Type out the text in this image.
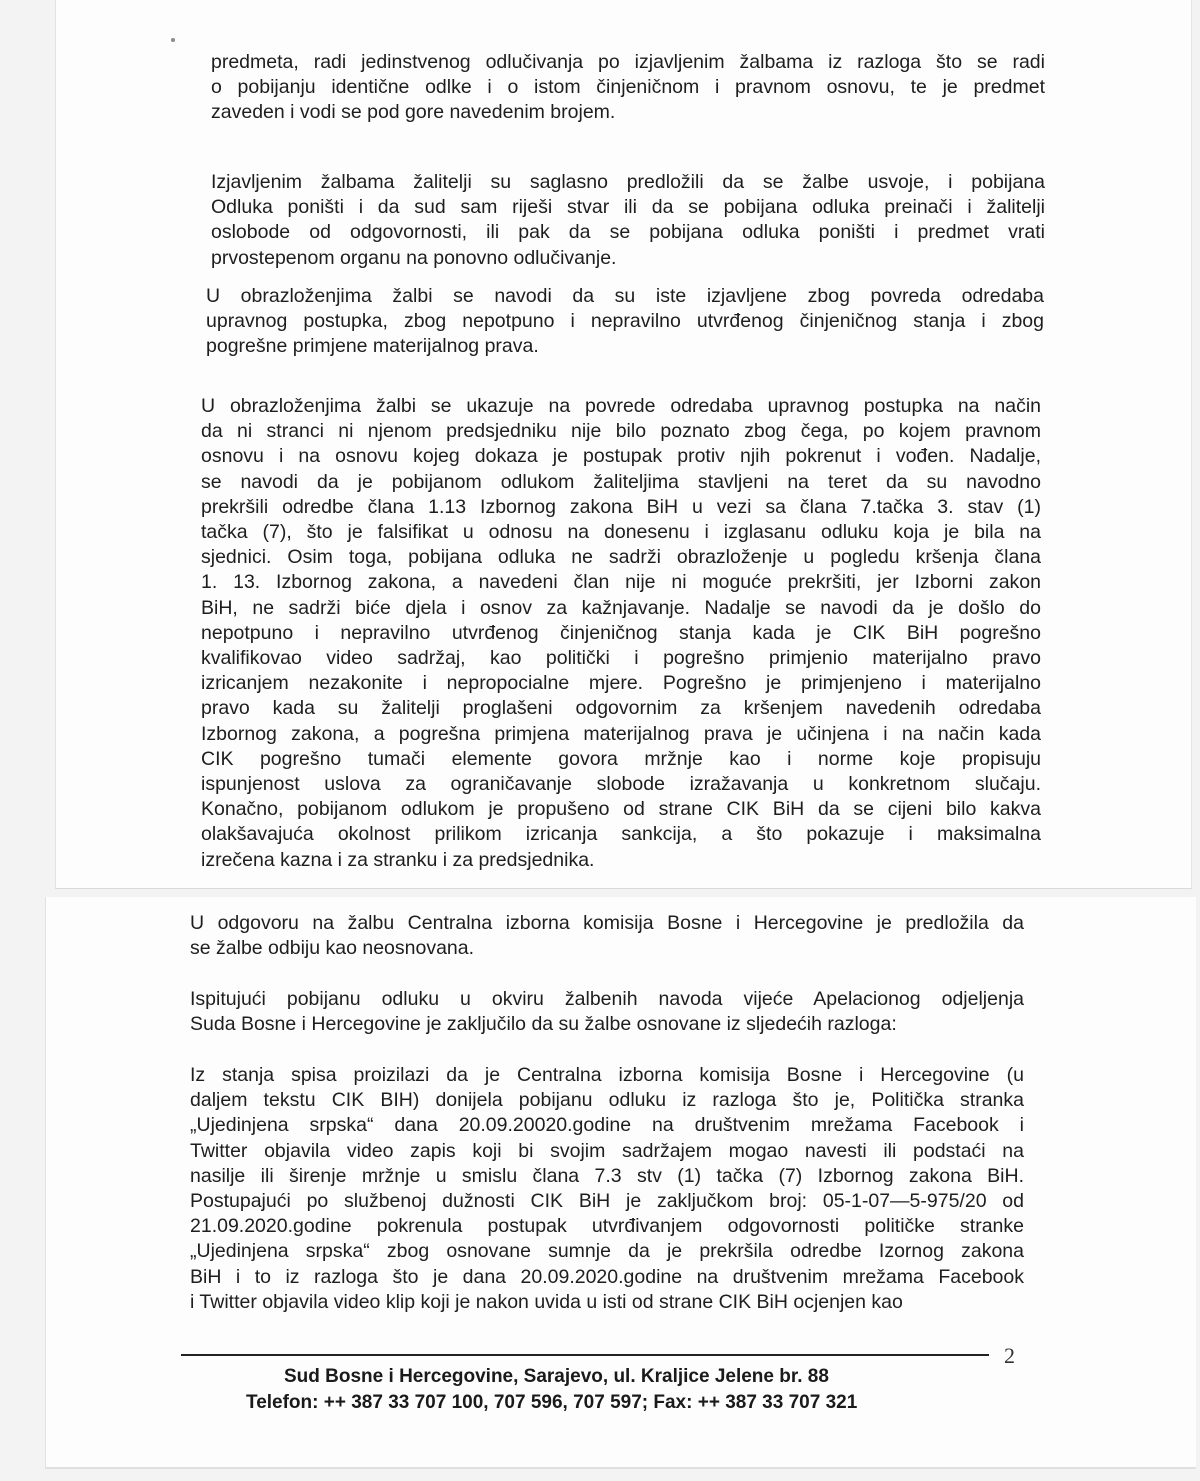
predmeta, radi jedinstvenog odlučivanja po izjavljenim žalbama iz razloga što se radi
o pobijanju identične odlke i o istom činjeničnom i pravnom osnovu, te je predmet
zaveden i vodi se pod gore navedenim brojem.
Izjavljenim žalbama žalitelji su saglasno predložili da se žalbe usvoje, i pobijana
Odluka poništi i da sud sam riješi stvar ili da se pobijana odluka preinači i žalitelji
oslobode od odgovornosti, ili pak da se pobijana odluka poništi i predmet vrati
prvostepenom organu na ponovno odlučivanje.
U obrazloženjima žalbi se navodi da su iste izjavljene zbog povreda odredaba
upravnog postupka, zbog nepotpuno i nepravilno utvrđenog činjeničnog stanja i zbog
pogrešne primjene materijalnog prava.
U obrazloženjima žalbi se ukazuje na povrede odredaba upravnog postupka na način
da ni stranci ni njenom predsjedniku nije bilo poznato zbog čega, po kojem pravnom
osnovu i na osnovu kojeg dokaza je postupak protiv njih pokrenut i vođen. Nadalje,
se navodi da je pobijanom odlukom žaliteljima stavljeni na teret da su navodno
prekršili odredbe člana 1.13 Izbornog zakona BiH u vezi sa člana 7.tačka 3. stav (1)
tačka (7), što je falsifikat u odnosu na donesenu i izglasanu odluku koja je bila na
sjednici. Osim toga, pobijana odluka ne sadrži obrazloženje u pogledu kršenja člana
1. 13. Izbornog zakona, a navedeni član nije ni moguće prekršiti, jer Izborni zakon
BiH, ne sadrži biće djela i osnov za kažnjavanje. Nadalje se navodi da je došlo do
nepotpuno i nepravilno utvrđenog činjeničnog stanja kada je CIK BiH pogrešno
kvalifikovao video sadržaj, kao politički i pogrešno primjenio materijalno pravo
izricanjem nezakonite i nepropocialne mjere. Pogrešno je primjenjeno i materijalno
pravo kada su žalitelji proglašeni odgovornim za kršenjem navedenih odredaba
Izbornog zakona, a pogrešna primjena materijalnog prava je učinjena i na način kada
CIK pogrešno tumači elemente govora mržnje kao i norme koje propisuju
ispunjenost uslova za ograničavanje slobode izražavanja u konkretnom slučaju.
Konačno, pobijanom odlukom je propušeno od strane CIK BiH da se cijeni bilo kakva
olakšavajuća okolnost prilikom izricanja sankcija, a što pokazuje i maksimalna
izrečena kazna i za stranku i za predsjednika.
U odgovoru na žalbu Centralna izborna komisija Bosne i Hercegovine je predložila da
se žalbe odbiju kao neosnovana.
Ispitujući pobijanu odluku u okviru žalbenih navoda vijeće Apelacionog odjeljenja
Suda Bosne i Hercegovine je zaključilo da su žalbe osnovane iz sljedećih razloga:
Iz stanja spisa proizilazi da je Centralna izborna komisija Bosne i Hercegovine (u
daljem tekstu CIK BIH) donijela pobijanu odluku iz razloga što je, Politička stranka
„Ujedinjena srpska“ dana 20.09.20020.godine na društvenim mrežama Facebook i
Twitter objavila video zapis koji bi svojim sadržajem mogao navesti ili podstaći na
nasilje ili širenje mržnje u smislu člana 7.3 stv (1) tačka (7) Izbornog zakona BiH.
Postupajući po službenoj dužnosti CIK BiH je zaključkom broj: 05-1-07—5-975/20 od
21.09.2020.godine pokrenula postupak utvrđivanjem odgovornosti političke stranke
„Ujedinjena srpska“ zbog osnovane sumnje da je prekršila odredbe Izornog zakona
BiH i to iz razloga što je dana 20.09.2020.godine na društvenim mrežama Facebook
i Twitter objavila video klip koji je nakon uvida u isti od strane CIK BiH ocjenjen kao
2
Sud Bosne i Hercegovine, Sarajevo, ul. Kraljice Jelene br. 88
Telefon: ++ 387 33 707 100, 707 596, 707 597; Fax: ++ 387 33 707 321
